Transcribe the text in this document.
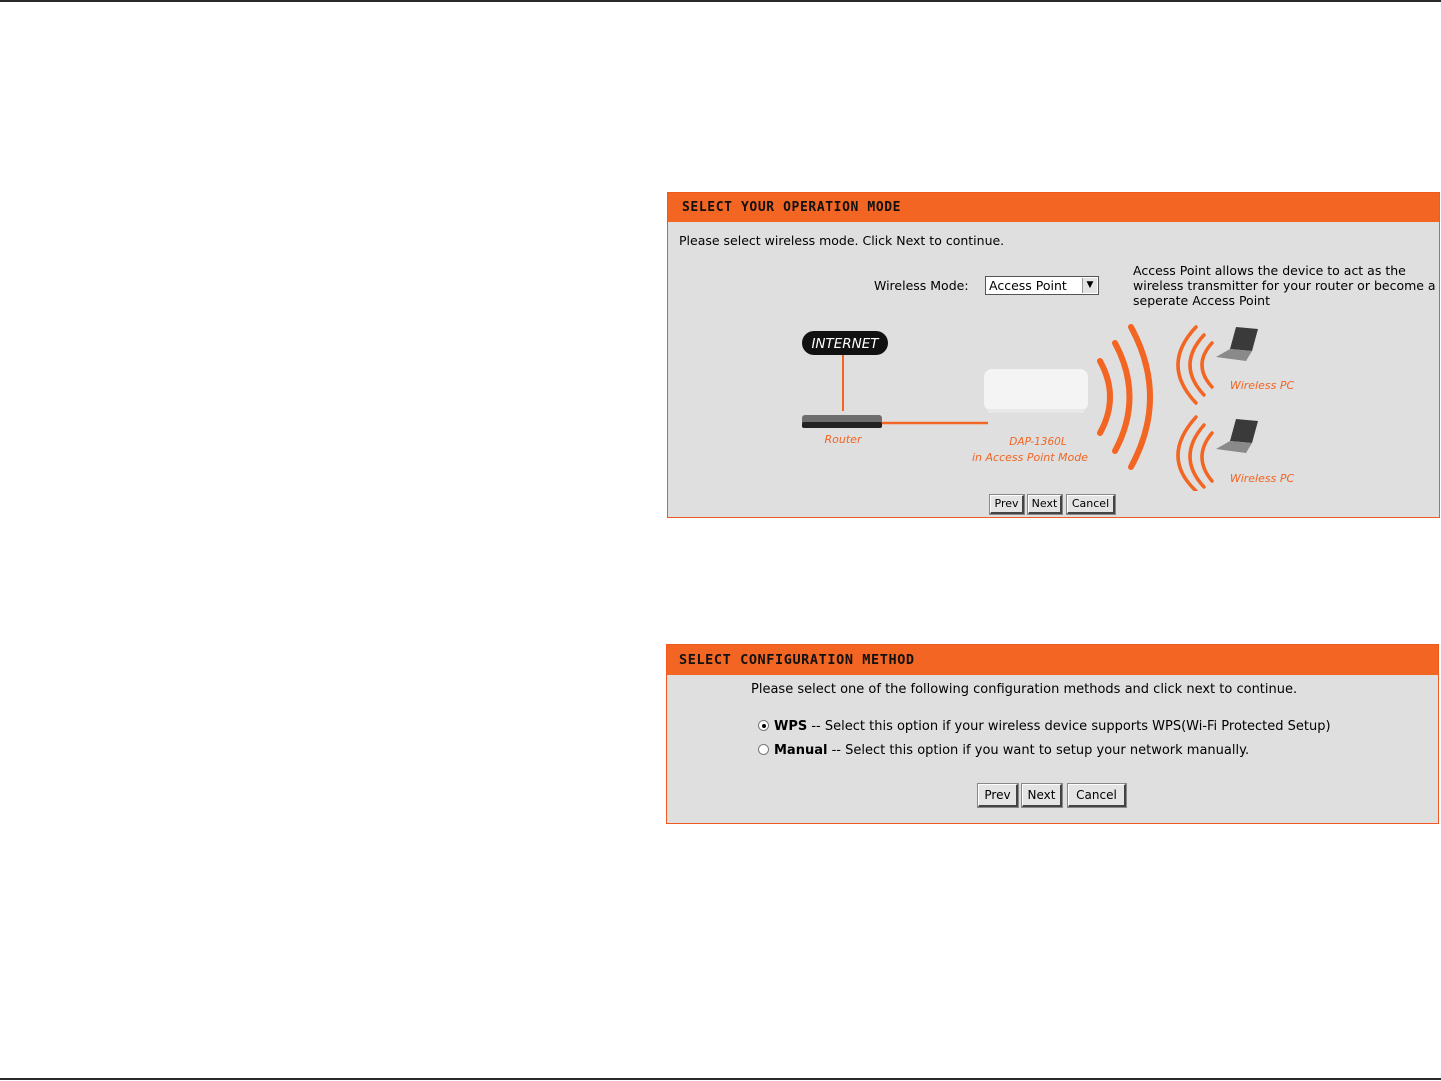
SELECT YOUR OPERATION MODE
Please select wireless mode. Click Next to continue.
Wireless Mode:	Access Point	▼
Access Point allows the device to act as the wireless transmitter for your router or become a seperate Access Point
INTERNET
Router	DAP-1360L
in Access Point Mode
Wireless PC
Wireless PC
Prev	Next	Cancel
SELECT CONFIGURATION METHOD
Please select one of the following configuration methods and click next to continue.
WPS -- Select this option if your wireless device supports WPS(Wi-Fi Protected Setup)
Manual -- Select this option if you want to setup your network manually.
Prev	Next	Cancel
